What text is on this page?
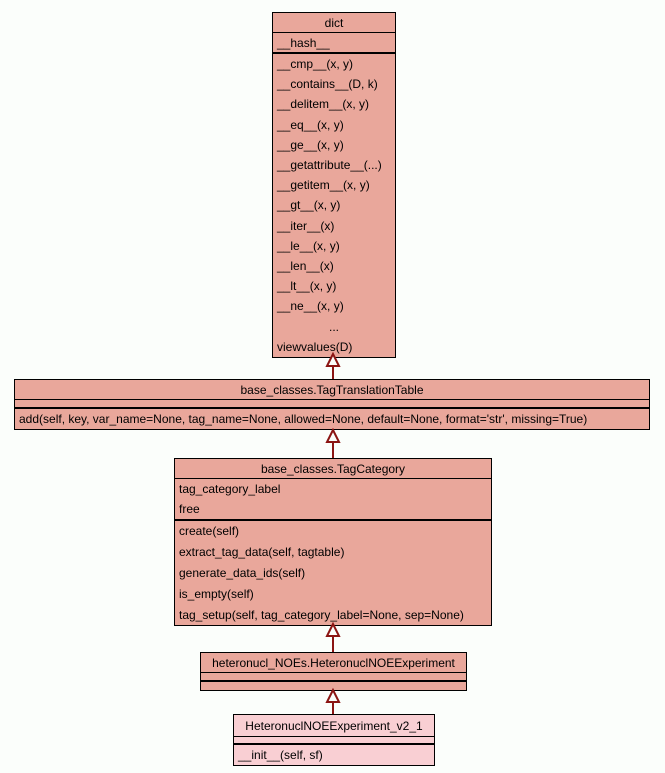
dict
__hash__
__cmp__(x, y)
__contains__(D, k)
__delitem__(x, y)
__eq__(x, y)
__ge__(x, y)
__getattribute__(...)
__getitem__(x, y)
__gt__(x, y)
__iter__(x)
__le__(x, y)
__len__(x)
__lt__(x, y)
__ne__(x, y)
...
viewvalues(D)
base_classes.TagTranslationTable
add(self, key, var_name=None, tag_name=None, allowed=None, default=None, format='str', missing=True)
base_classes.TagCategory
tag_category_label
free
create(self)
extract_tag_data(self, tagtable)
generate_data_ids(self)
is_empty(self)
tag_setup(self, tag_category_label=None, sep=None)
heteronucl_NOEs.HeteronuclNOEExperiment
HeteronuclNOEExperiment_v2_1
__init__(self, sf)
